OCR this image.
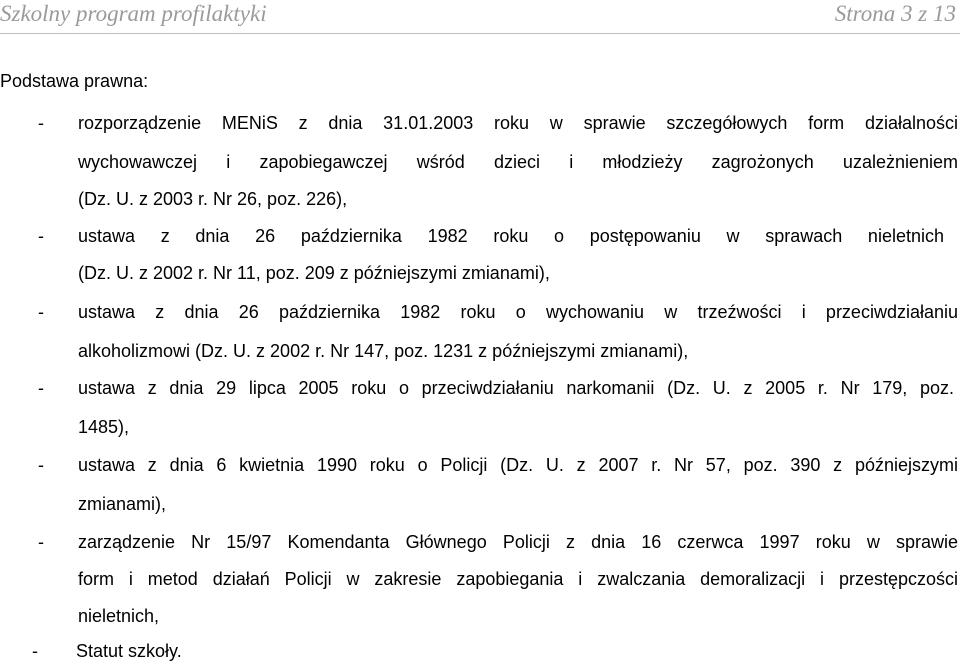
Szkolny program profilaktyki	Strona 3 z 13
Podstawa prawna:
- rozporządzenie MENiS z dnia 31.01.2003 roku w sprawie szczegółowych form działalności
wychowawczej i zapobiegawczej wśród dzieci i młodzieży zagrożonych uzależnieniem
(Dz. U. z 2003 r. Nr 26, poz. 226),
- ustawa z dnia 26 października 1982 roku o postępowaniu w sprawach nieletnich
(Dz. U. z 2002 r. Nr 11, poz. 209 z późniejszymi zmianami),
- ustawa z dnia 26 października 1982 roku o wychowaniu w trzeźwości i przeciwdziałaniu
alkoholizmowi (Dz. U. z 2002 r. Nr 147, poz. 1231 z późniejszymi zmianami),
- ustawa z dnia 29 lipca 2005 roku o przeciwdziałaniu narkomanii (Dz. U. z 2005 r. Nr 179, poz.
1485),
- ustawa z dnia 6 kwietnia 1990 roku o Policji (Dz. U. z 2007 r. Nr 57, poz. 390 z późniejszymi
zmianami),
- zarządzenie Nr 15/97 Komendanta Głównego Policji z dnia 16 czerwca 1997 roku w sprawie
form i metod działań Policji w zakresie zapobiegania i zwalczania demoralizacji i przestępczości
nieletnich,
- Statut szkoły.
